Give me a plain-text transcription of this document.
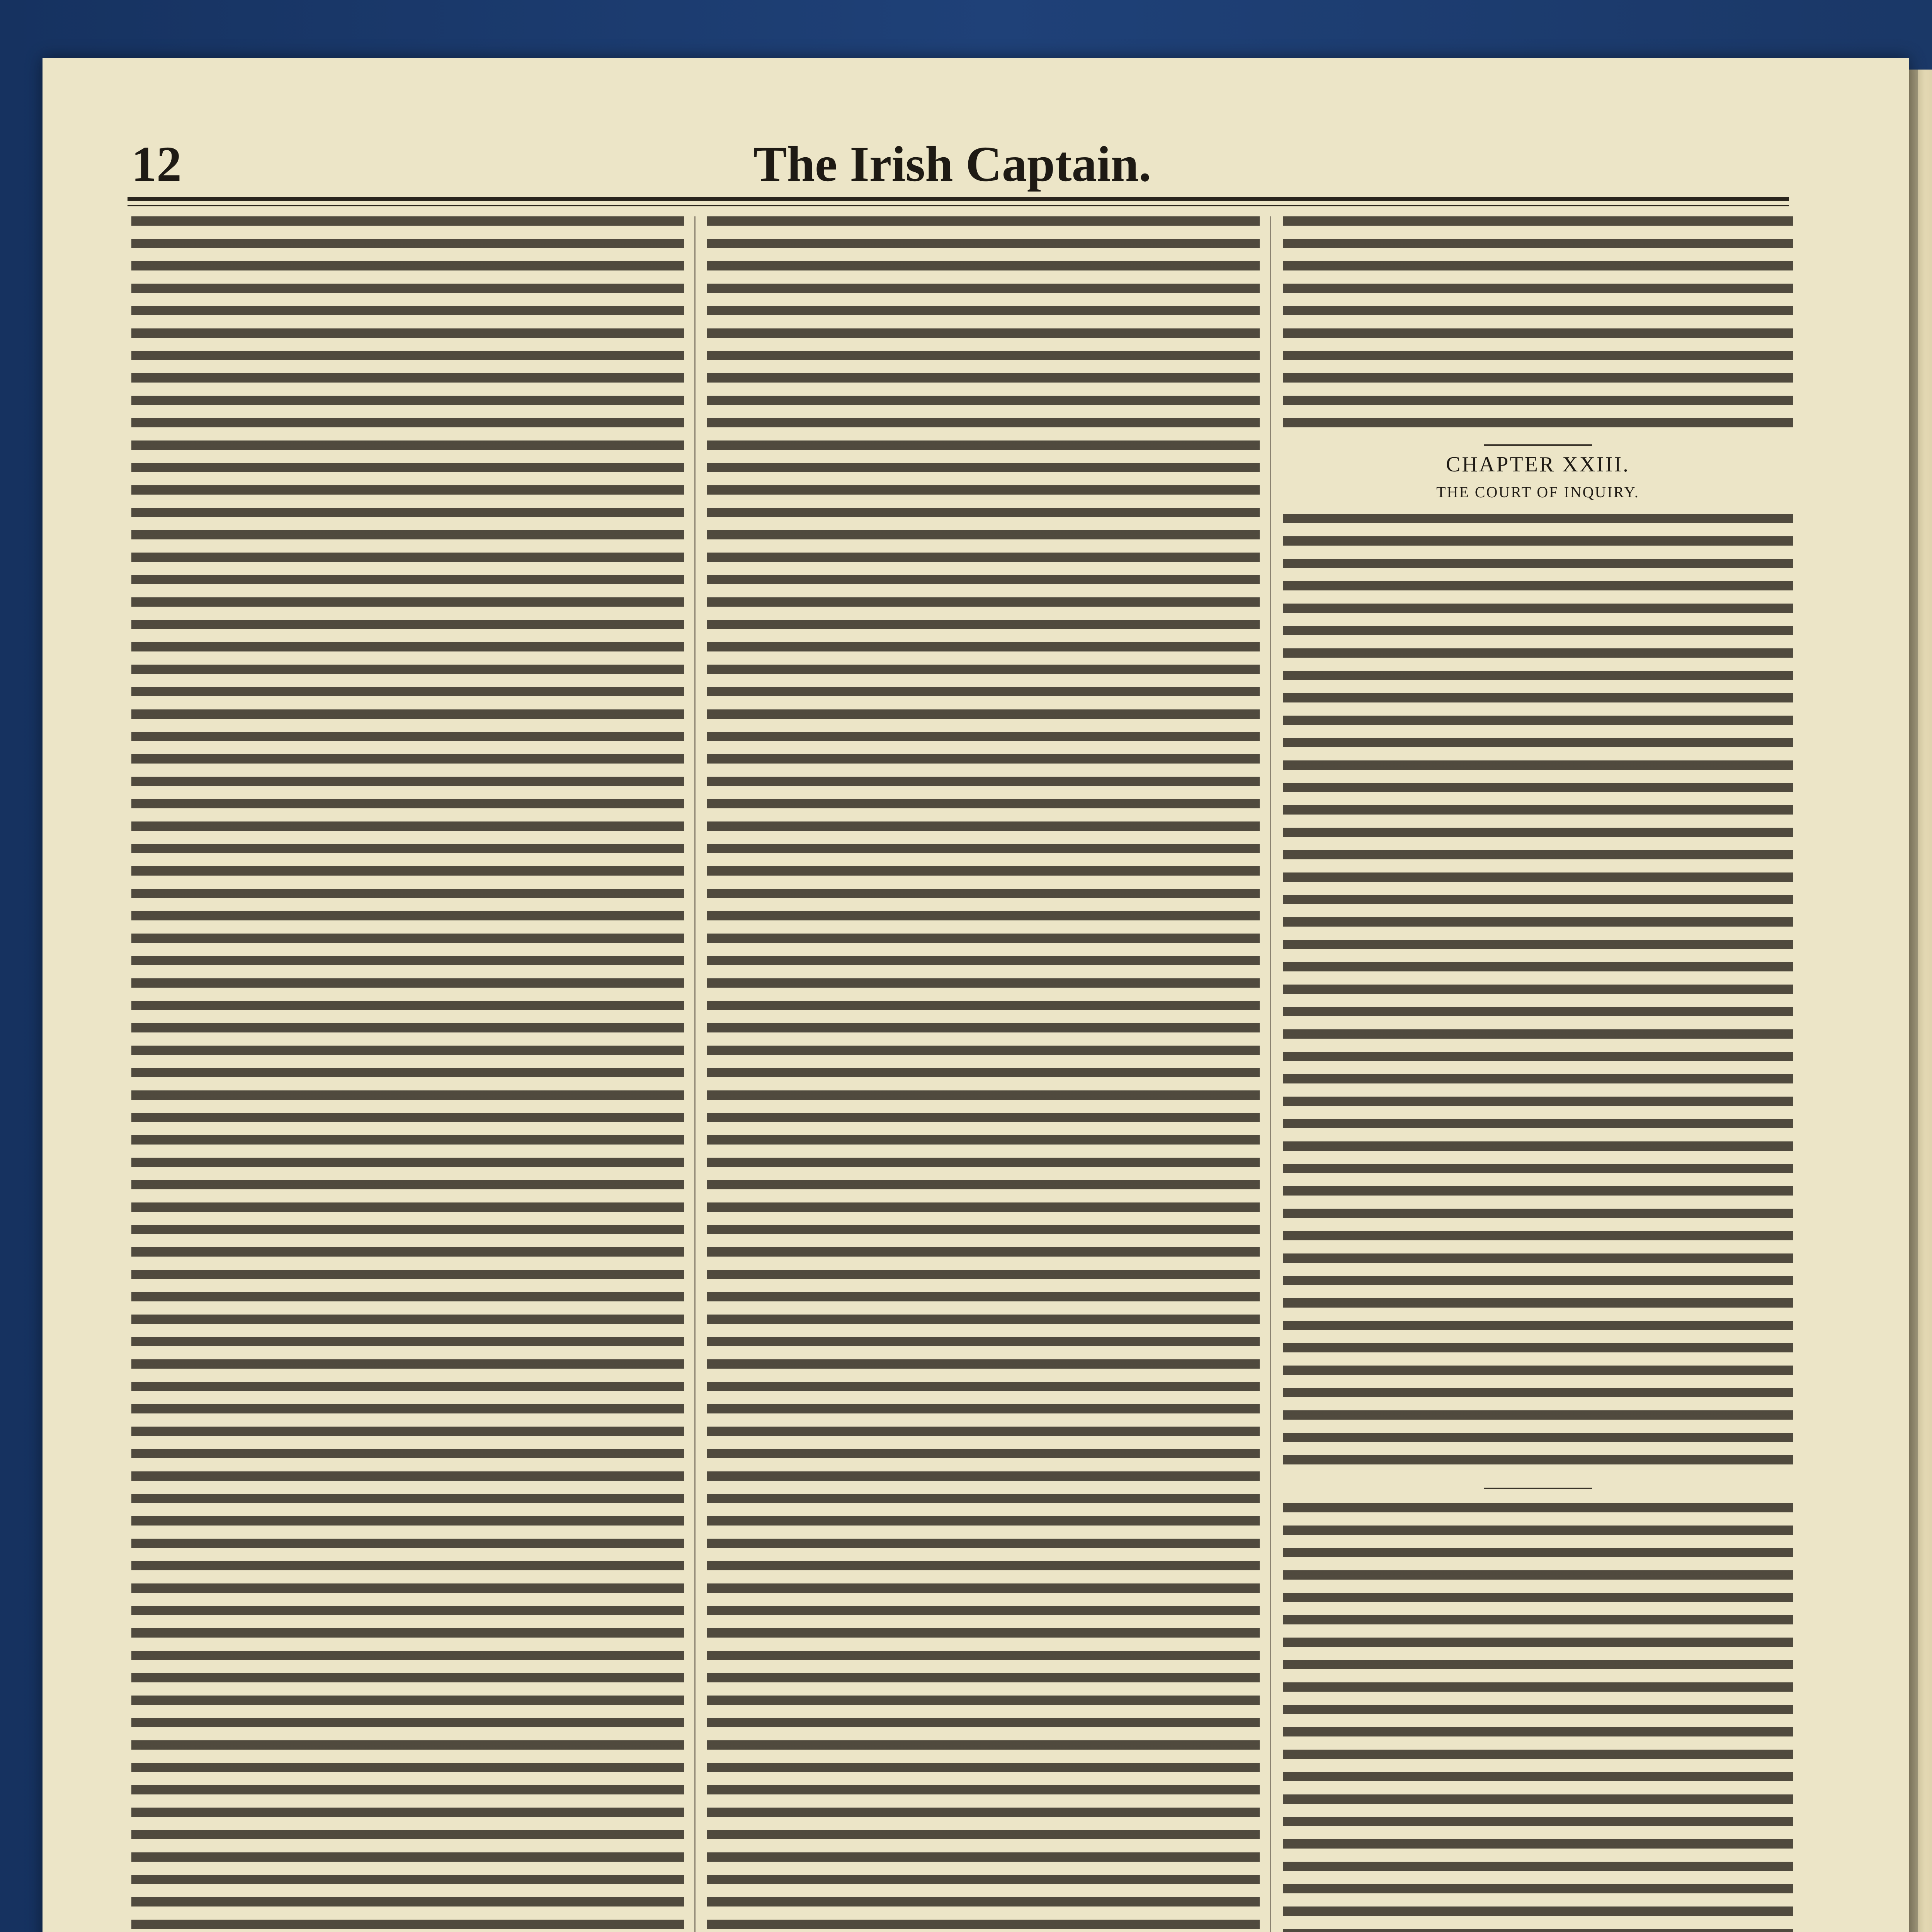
12	The Irish Captain.
CHAPTER XXIII.
THE COURT OF INQUIRY.
